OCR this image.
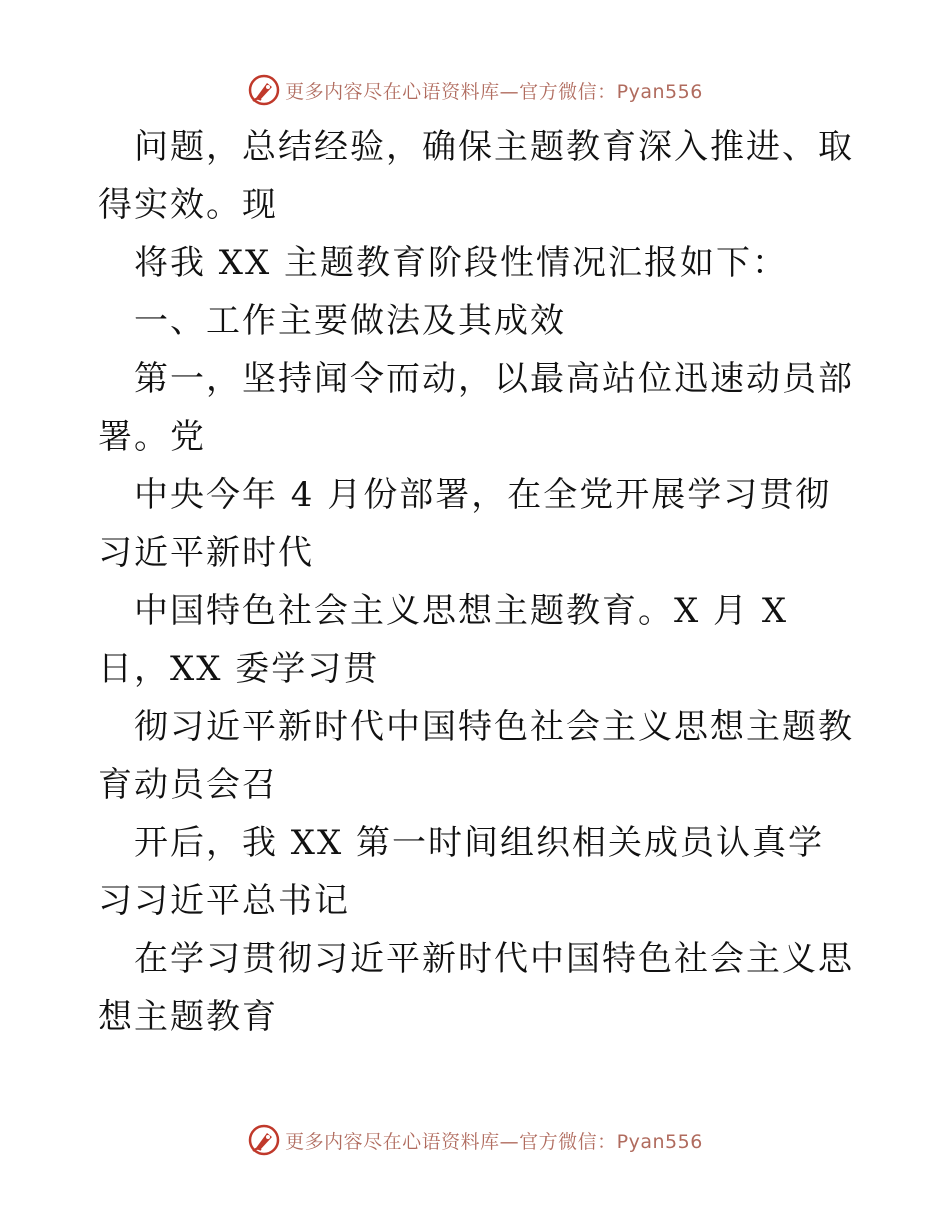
更多内容尽在心语资料库—官方微信：Pyan556

问题，总结经验，确保主题教育深入推进、取得实效。现

将我 XX 主题教育阶段性情况汇报如下：

一、工作主要做法及其成效

第一，坚持闻令而动，以最高站位迅速动员部署。党

中央今年 4 月份部署，在全党开展学习贯彻习近平新时代

中国特色社会主义思想主题教育。X 月 X 日，XX 委学习贯

彻习近平新时代中国特色社会主义思想主题教育动员会召

开后，我 XX 第一时间组织相关成员认真学习习近平总书记

在学习贯彻习近平新时代中国特色社会主义思想主题教育

更多内容尽在心语资料库—官方微信：Pyan556
